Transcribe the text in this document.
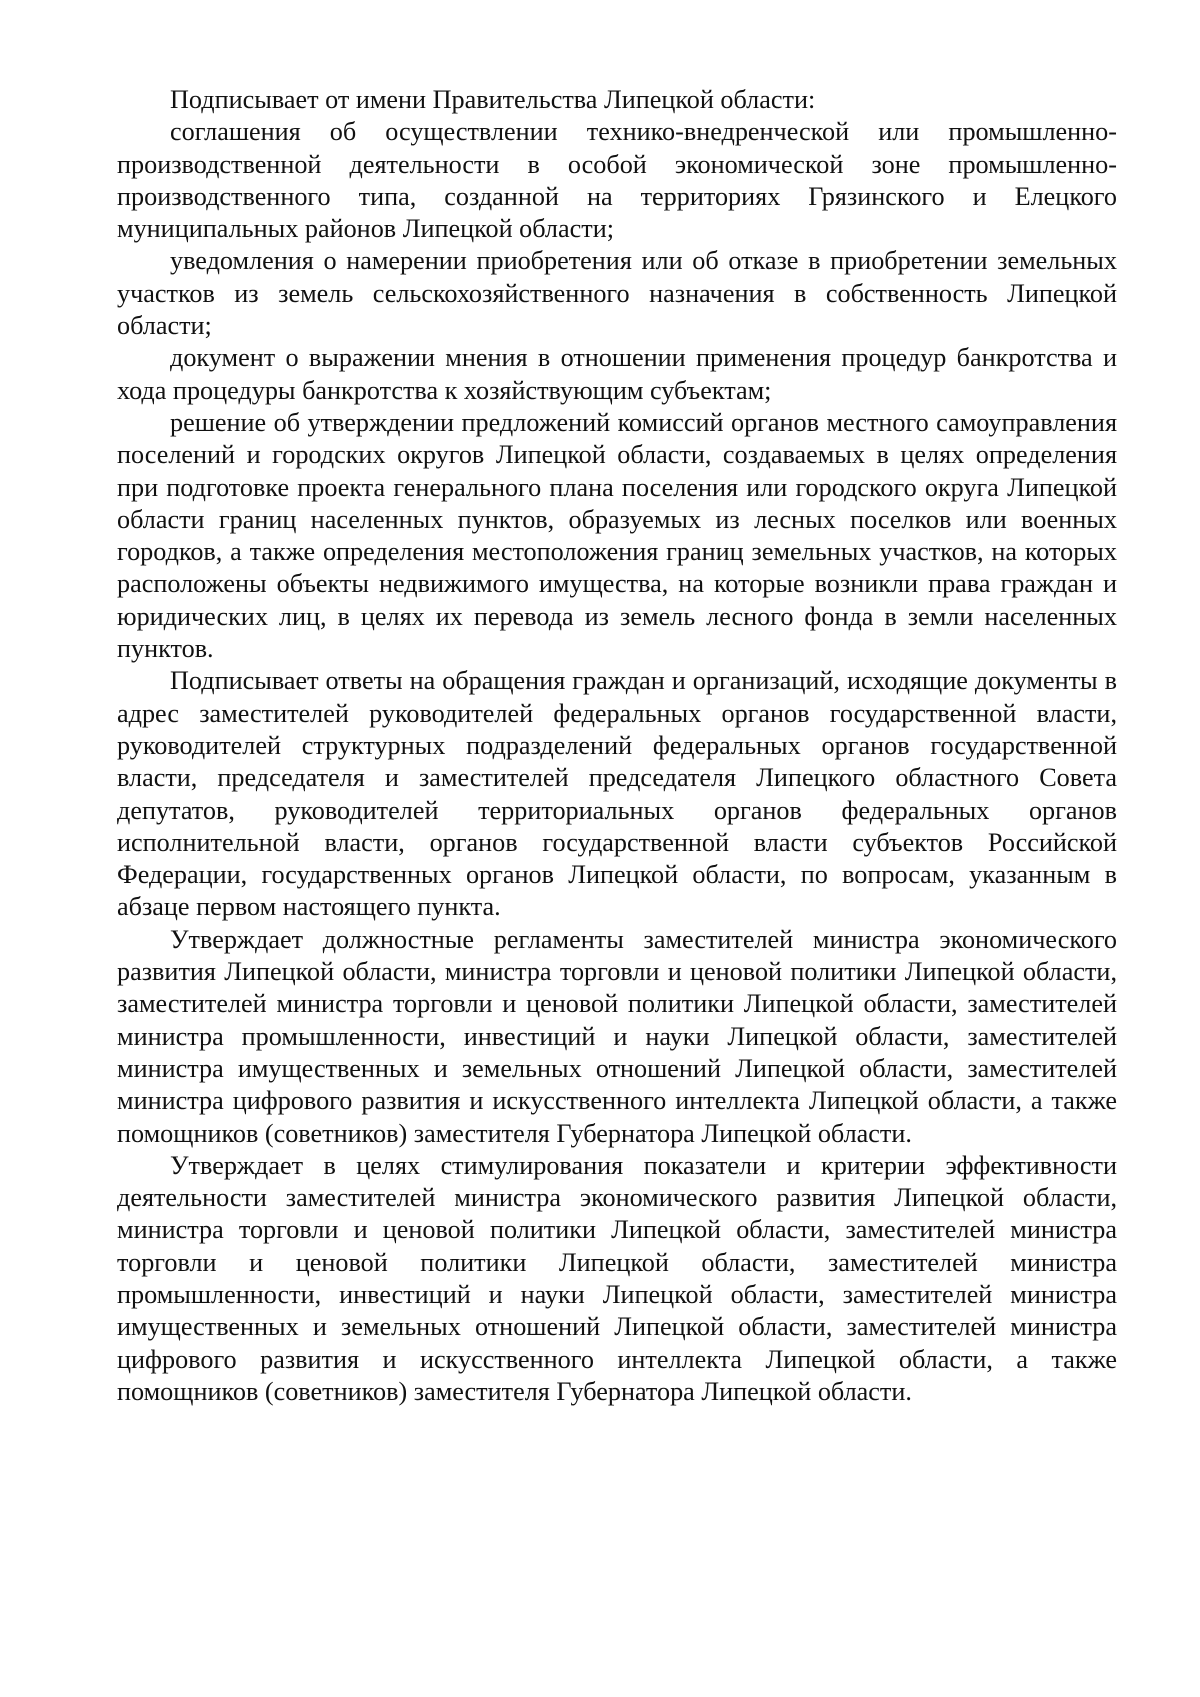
Подписывает от имени Правительства Липецкой области:

соглашения об осуществлении технико-внедренческой или промышленно-производственной деятельности в особой экономической зоне промышленно-производственного типа, созданной на территориях Грязинского и Елецкого муниципальных районов Липецкой области;

уведомления о намерении приобретения или об отказе в приобретении земельных участков из земель сельскохозяйственного назначения в собственность Липецкой области;

документ о выражении мнения в отношении применения процедур банкротства и хода процедуры банкротства к хозяйствующим субъектам;

решение об утверждении предложений комиссий органов местного самоуправления поселений и городских округов Липецкой области, создаваемых в целях определения при подготовке проекта генерального плана поселения или городского округа Липецкой области границ населенных пунктов, образуемых из лесных поселков или военных городков, а также определения местоположения границ земельных участков, на которых расположены объекты недвижимого имущества, на которые возникли права граждан и юридических лиц, в целях их перевода из земель лесного фонда в земли населенных пунктов.

Подписывает ответы на обращения граждан и организаций, исходящие документы в адрес заместителей руководителей федеральных органов государственной власти, руководителей структурных подразделений федеральных органов государственной власти, председателя и заместителей председателя Липецкого областного Совета депутатов, руководителей территориальных органов федеральных органов исполнительной власти, органов государственной власти субъектов Российской Федерации, государственных органов Липецкой области, по вопросам, указанным в абзаце первом настоящего пункта.

Утверждает должностные регламенты заместителей министра экономического развития Липецкой области, министра торговли и ценовой политики Липецкой области, заместителей министра торговли и ценовой политики Липецкой области, заместителей министра промышленности, инвестиций и науки Липецкой области, заместителей министра имущественных и земельных отношений Липецкой области, заместителей министра цифрового развития и искусственного интеллекта Липецкой области, а также помощников (советников) заместителя Губернатора Липецкой области.

Утверждает в целях стимулирования показатели и критерии эффективности деятельности заместителей министра экономического развития Липецкой области, министра торговли и ценовой политики Липецкой области, заместителей министра торговли и ценовой политики Липецкой области, заместителей министра промышленности, инвестиций и науки Липецкой области, заместителей министра имущественных и земельных отношений Липецкой области, заместителей министра цифрового развития и искусственного интеллекта Липецкой области, а также помощников (советников) заместителя Губернатора Липецкой области.
